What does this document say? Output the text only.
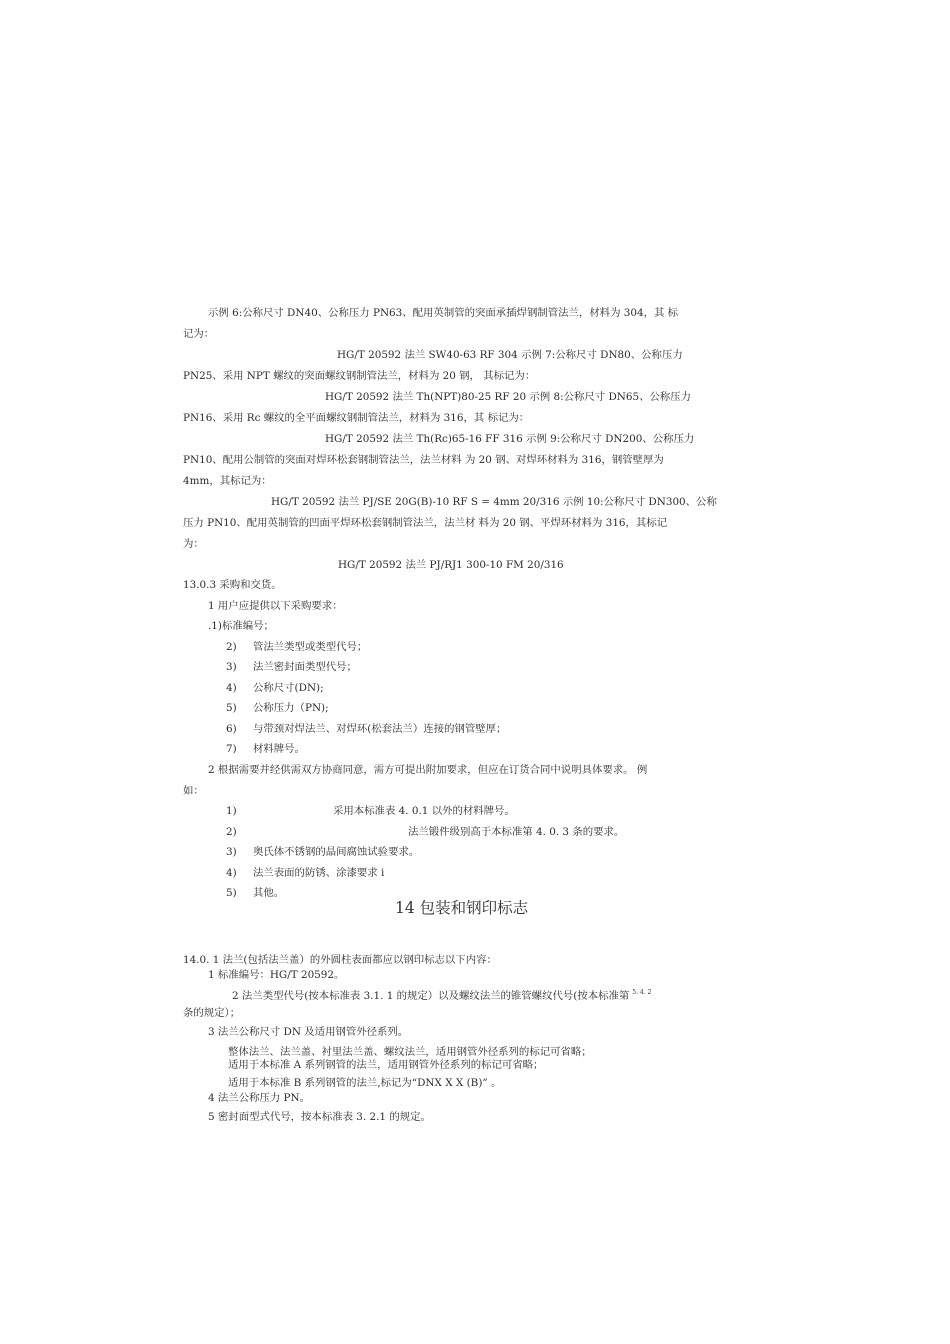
示例 6:公称尺寸 DN40、公称压力 PN63、配用英制管的突面承插焊钢制管法兰，材料为 304，其 标
记为：
HG/T 20592 法兰 SW40-63 RF 304 示例 7:公称尺寸 DN80、公称压力
PN25、采用 NPT 螺纹的突面螺纹钢制管法兰，材料为 20 钢， 其标记为：
HG/T 20592 法兰 Th(NPT)80-25 RF 20 示例 8:公称尺寸 DN65、公称压力
PN16、采用 Rc 螺纹的全平面螺纹钢制管法兰，材料为 316，其 标记为：
HG/T 20592 法兰 Th(Rc)65-16 FF 316 示例 9:公称尺寸 DN200、公称压力
PN10、配用公制管的突面对焊环松套钢制管法兰，法兰材料 为 20 钢、对焊环材料为 316，钢管壁厚为
4mm，其标记为：
HG/T 20592 法兰 PJ/SE 20G(B)-10 RF S = 4mm 20/316 示例 10:公称尺寸 DN300、公称
压力 PN10、配用英制管的凹面平焊环松套钢制管法兰，法兰材 料为 20 钢、平焊环材料为 316，其标记
为：
HG/T 20592 法兰 PJ/RJ1 300-10 FM 20/316
13.0.3 采购和交货。
1 用户应提供以下采购要求：
.1)标准编号；
2) 管法兰类型或类型代号；
3) 法兰密封面类型代号；
4) 公称尺寸(DN);
5) 公称压力（PN);
6) 与带颈对焊法兰、对焊环(松套法兰）连接的钢管壁厚；
7) 材料牌号。
2 根据需要并经供需双方协商同意，需方可提出附加要求，但应在订货合同中说明具体要求。 例
如：
1)	采用本标准表 4. 0.1 以外的材料牌号。
2)	法兰锻件级别高于本标准第 4. 0. 3 条的要求。
3) 奥氏体不锈钢的晶间腐蚀试验要求。
4) 法兰表面的防锈、涂漆要求 i
5) 其他。
14 包装和钢印标志
14.0. 1 法兰(包括法兰盖）的外圆柱表面都应以钢印标志以下内容：
1 标准编号：HG/T 20592。
2 法兰类型代号(按本标准表 3.1. 1 的规定）以及螺纹法兰的锥管螺纹代号(按本标准第 $^{5. 4. 2}$
条的规定）；
3 法兰公称尺寸 DN 及适用钢管外径系列。
整体法兰、法兰盖、衬里法兰盖、螺纹法兰，适用钢管外径系列的标记可省略；
适用于本标准 A 系列钢管的法兰，适用钢管外径系列的标记可省略；
适用于本标准 B 系列钢管的法兰,标记为“DNX X X (B)” 。
4 法兰公称压力 PN。
5 密封面型式代号，按本标准表 3. 2.1 的规定。
